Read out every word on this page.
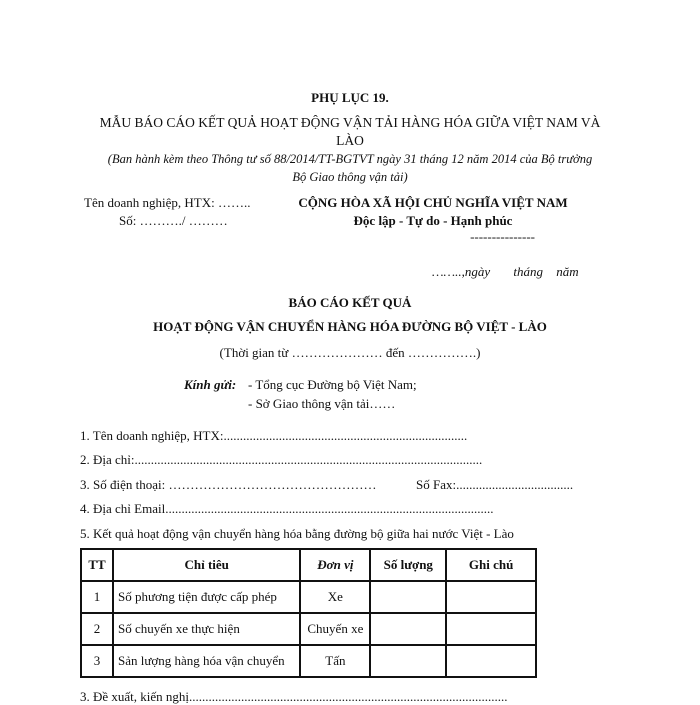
PHỤ LỤC 19.
MẪU BÁO CÁO KẾT QUẢ HOẠT ĐỘNG VẬN TẢI HÀNG HÓA GIỮA VIỆT NAM VÀ
LÀO
(Ban hành kèm theo Thông tư số 88/2014/TT-BGTVT ngày 31 tháng 12 năm 2014 của Bộ trưởng
Bộ Giao thông vận tải)
Tên doanh nghiệp, HTX: ……..
Số: ………./ ………
CỘNG HÒA XÃ HỘI CHỦ NGHĨA VIỆT NAM
Độc lập - Tự do - Hạnh phúc
---------------
……..,ngày tháng năm
BÁO CÁO KẾT QUẢ
HOẠT ĐỘNG VẬN CHUYỂN HÀNG HÓA ĐƯỜNG BỘ VIỆT - LÀO
(Thời gian từ ………………… đến …………….)
Kính gửi: - Tổng cục Đường bộ Việt Nam;
- Sở Giao thông vận tải……
1. Tên doanh nghiệp, HTX:...........................................................................
2. Địa chỉ:...........................................................................................................
3. Số điện thoại: …………………………………………	Số Fax:....................................
4. Địa chỉ Email.....................................................................................................
5. Kết quả hoạt động vận chuyển hàng hóa bằng đường bộ giữa hai nước Việt - Lào
TT	Chỉ tiêu	Đơn vị	Số lượng	Ghi chú
1	Số phương tiện được cấp phép	Xe		
2	Số chuyến xe thực hiện	Chuyến xe		
3	Sản lượng hàng hóa vận chuyển	Tấn		
3. Đề xuất, kiến nghị..................................................................................................
